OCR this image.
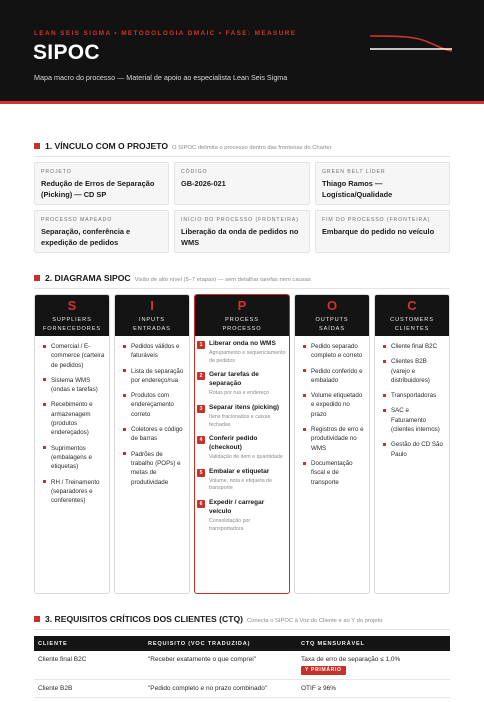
LEAN SEIS SIGMA • METODOLOGIA DMAIC • FASE: MEASURE
SIPOC
Mapa macro do processo — Material de apoio ao especialista Lean Seis Sigma
1. VÍNCULO COM O PROJETO O SIPOC delimita o processo dentro das fronteiras do Charter
PROJETO
Redução de Erros de Separação (Picking) — CD SP
CÓDIGO
GB-2026-021
GREEN BELT LÍDER
Thiago Ramos — Logística/Qualidade
PROCESSO MAPEADO
Separação, conferência e expedição de pedidos
INÍCIO DO PROCESSO (FRONTEIRA)
Liberação da onda de pedidos no WMS
FIM DO PROCESSO (FRONTEIRA)
Embarque do pedido no veículo
2. DIAGRAMA SIPOC Visão de alto nível (5–7 etapas) — sem detalhar tarefas nem causas
S
SUPPLIERS
FORNECEDORES
Comercial / E-commerce (carteira de pedidos)
Sistema WMS (ondas e tarefas)
Recebimento e armazenagem (produtos endereçados)
Suprimentos (embalagens e etiquetas)
RH / Treinamento (separadores e conferentes)
I
INPUTS
ENTRADAS
Pedidos válidos e faturáveis
Lista de separação por endereço/rua
Produtos com endereçamento correto
Coletores e código de barras
Padrões de trabalho (POPs) e metas de produtividade
P
PROCESS
PROCESSO
1	Liberar onda no WMS
Agrupamento e sequenciamento de pedidos
2	Gerar tarefas de separação
Rotas por rua e endereço
3	Separar itens (picking)
Itens fracionados e caixas fechadas
4	Conferir pedido (checkout)
Validação de item e quantidade
5	Embalar e etiquetar
Volume, nota e etiqueta de transporte
6	Expedir / carregar veículo
Consolidação por transportadora
O
OUTPUTS
SAÍDAS
Pedido separado completo e correto
Pedido conferido e embalado
Volume etiquetado e expedido no prazo
Registros de erro e produtividade no WMS
Documentação fiscal e de transporte
C
CUSTOMERS
CLIENTES
Cliente final B2C
Clientes B2B (varejo e distribuidores)
Transportadoras
SAC e Faturamento (clientes internos)
Gestão do CD São Paulo
3. REQUISITOS CRÍTICOS DOS CLIENTES (CTQ) Conecta o SIPOC à Voz do Cliente e ao Y do projeto
CLIENTE	REQUISITO (VOC TRADUZIDA)	CTQ MENSURÁVEL
Cliente final B2C	"Receber exatamente o que comprei"	Taxa de erro de separação ≤ 1,0%
Y PRIMÁRIO
Cliente B2B	"Pedido completo e no prazo combinado"	OTIF ≥ 96%
